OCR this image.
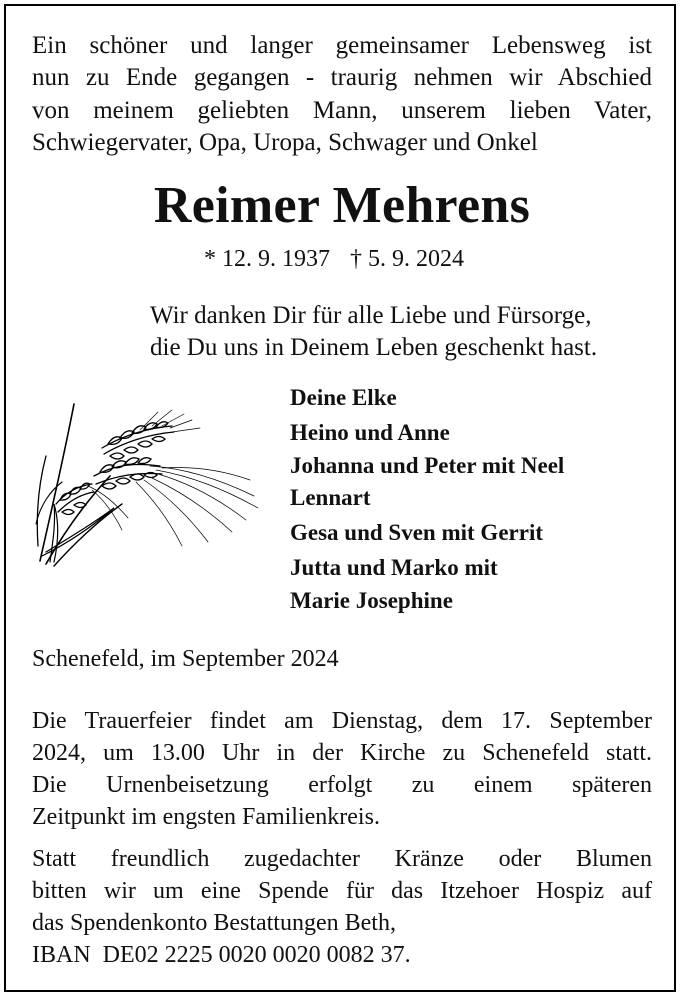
Ein schöner und langer gemeinsamer Lebensweg ist
nun zu Ende gegangen - traurig nehmen wir Abschied
von meinem geliebten Mann, unserem lieben Vater,
Schwiegervater, Opa, Uropa, Schwager und Onkel
Reimer Mehrens
* 12. 9. 1937 † 5. 9. 2024
Wir danken Dir für alle Liebe und Fürsorge,
die Du uns in Deinem Leben geschenkt hast.
Deine Elke
Heino und Anne
Johanna und Peter mit Neel
Lennart
Gesa und Sven mit Gerrit
Jutta und Marko mit
Marie Josephine
Schenefeld, im September 2024
Die Trauerfeier findet am Dienstag, dem 17. September
2024, um 13.00 Uhr in der Kirche zu Schenefeld statt.
Die Urnenbeisetzung erfolgt zu einem späteren
Zeitpunkt im engsten Familienkreis.
Statt freundlich zugedachter Kränze oder Blumen
bitten wir um eine Spende für das Itzehoer Hospiz auf
das Spendenkonto Bestattungen Beth,
IBAN  DE02 2225 0020 0020 0082 37.
